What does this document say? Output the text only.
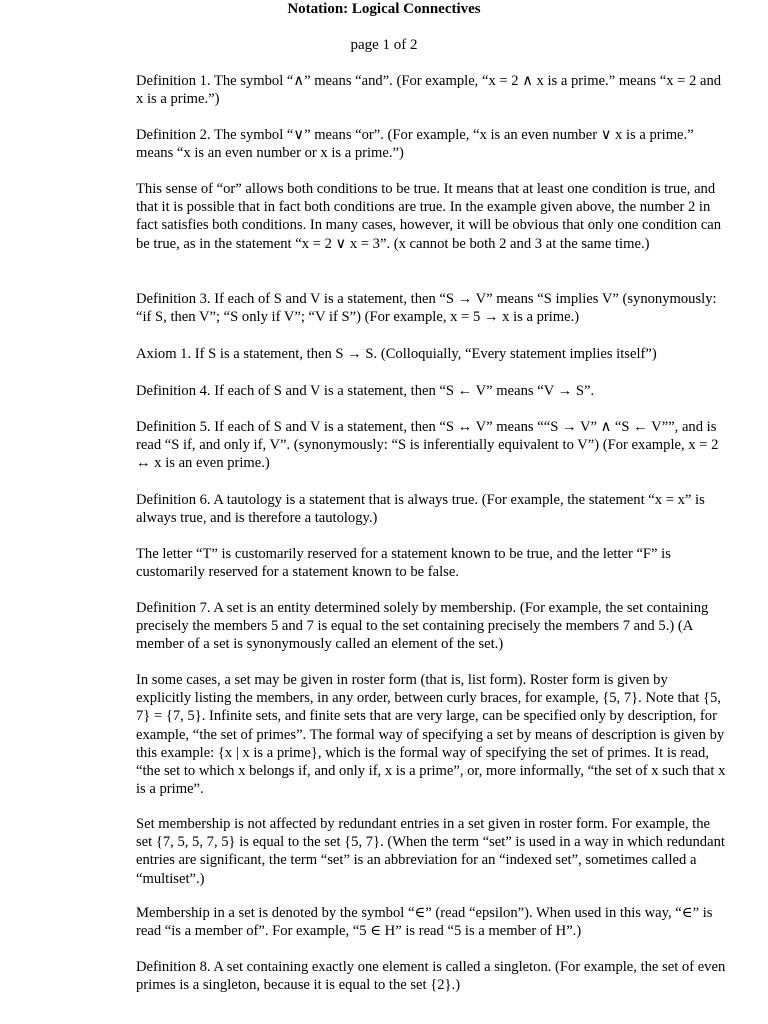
Notation: Logical Connectives
page 1 of 2

Definition 1. The symbol “∧” means “and”. (For example, “x = 2 ∧ x is a prime.” means “x = 2 and x is a prime.”)

Definition 2. The symbol “∨” means “or”. (For example, “x is an even number ∨ x is a prime.” means “x is an even number or x is a prime.”)

This sense of “or” allows both conditions to be true. It means that at least one condition is true, and that it is possible that in fact both conditions are true. In the example given above, the number 2 in fact satisfies both conditions. In many cases, however, it will be obvious that only one condition can be true, as in the statement “x = 2 ∨ x = 3”. (x cannot be both 2 and 3 at the same time.)

Definition 3. If each of S and V is a statement, then “S → V” means “S implies V” (synonymously: “if S, then V”; “S only if V”; “V if S”) (For example, x = 5 → x is a prime.)

Axiom 1. If S is a statement, then S → S. (Colloquially, “Every statement implies itself”)

Definition 4. If each of S and V is a statement, then “S ← V” means “V → S”.

Definition 5. If each of S and V is a statement, then “S ↔ V” means ““S → V” ∧ “S ← V””, and is read “S if, and only if, V”. (synonymously: “S is inferentially equivalent to V”) (For example, x = 2 ↔ x is an even prime.)

Definition 6. A tautology is a statement that is always true. (For example, the statement “x = x” is always true, and is therefore a tautology.)

The letter “T” is customarily reserved for a statement known to be true, and the letter “F” is customarily reserved for a statement known to be false.

Definition 7. A set is an entity determined solely by membership. (For example, the set containing precisely the members 5 and 7 is equal to the set containing precisely the members 7 and 5.) (A member of a set is synonymously called an element of the set.)

In some cases, a set may be given in roster form (that is, list form). Roster form is given by explicitly listing the members, in any order, between curly braces, for example, {5, 7}. Note that {5, 7} = {7, 5}. Infinite sets, and finite sets that are very large, can be specified only by description, for example, “the set of primes”. The formal way of specifying a set by means of description is given by this example: {x | x is a prime}, which is the formal way of specifying the set of primes. It is read, “the set to which x belongs if, and only if, x is a prime”, or, more informally, “the set of x such that x is a prime”.

Set membership is not affected by redundant entries in a set given in roster form. For example, the set {7, 5, 5, 7, 5} is equal to the set {5, 7}. (When the term “set” is used in a way in which redundant entries are significant, the term “set” is an abbreviation for an “indexed set”, sometimes called a “multiset”.)

Membership in a set is denoted by the symbol “∈” (read “epsilon”). When used in this way, “∈” is read “is a member of”. For example, “5 ∈ H” is read “5 is a member of H”.)

Definition 8. A set containing exactly one element is called a singleton. (For example, the set of even primes is a singleton, because it is equal to the set {2}.)
